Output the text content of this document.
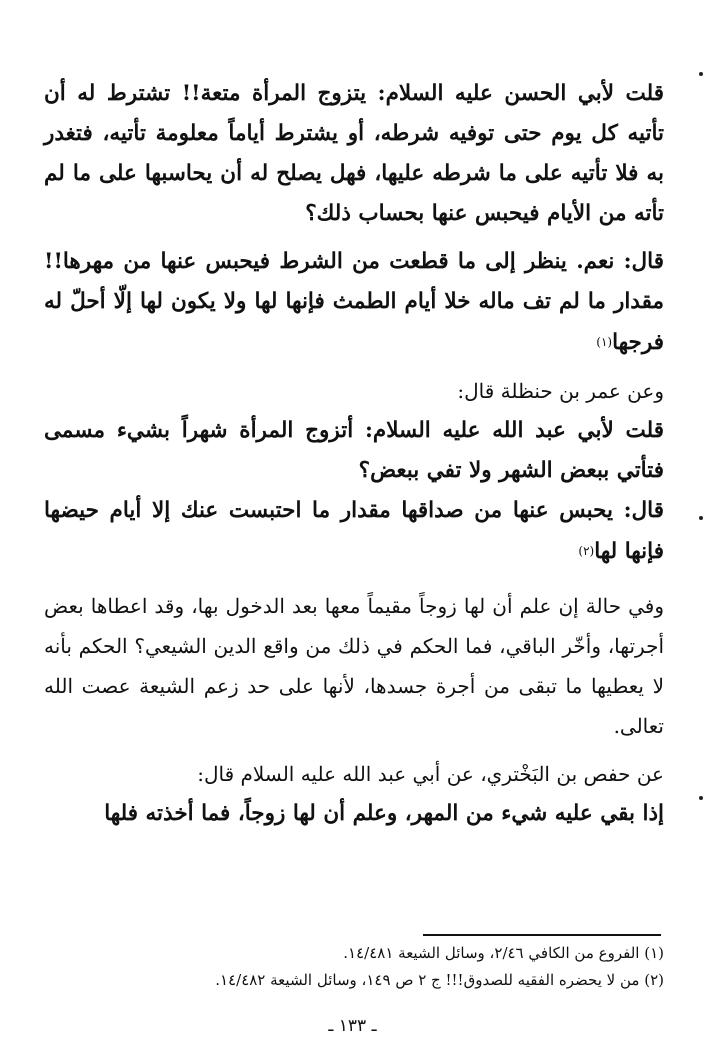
قلت لأبي الحسن عليه السلام: يتزوج المرأة متعة!! تشترط له أن تأتيه كل يوم حتى توفيه شرطه، أو يشترط أياماً معلومة تأتيه، فتغدر به فلا تأتيه على ما شرطه عليها، فهل يصلح له أن يحاسبها على ما لم تأته من الأيام فيحبس عنها بحساب ذلك؟

قال: نعم. ينظر إلى ما قطعت من الشرط فيحبس عنها من مهرها!! مقدار ما لم تف ماله خلا أيام الطمث فإنها لها ولا يكون لها إلّا أحلّ له فرجها(١)

وعن عمر بن حنظلة قال:

قلت لأبي عبد الله عليه السلام: أتزوج المرأة شهراً بشيء مسمى فتأتي ببعض الشهر ولا تفي ببعض؟

قال: يحبس عنها من صداقها مقدار ما احتبست عنك إلا أيام حيضها فإنها لها(٢)

وفي حالة إن علم أن لها زوجاً مقيماً معها بعد الدخول بها، وقد اعطاها بعض أجرتها، وأخّر الباقي، فما الحكم في ذلك من واقع الدين الشيعي؟ الحكم بأنه لا يعطيها ما تبقى من أجرة جسدها، لأنها على حد زعم الشيعة عصت الله تعالى.

عن حفص بن البَخْتري، عن أبي عبد الله عليه السلام قال:

إذا بقي عليه شيء من المهر، وعلم أن لها زوجاً، فما أخذته فلها

(١) الفروع من الكافي ٢/٤٦، وسائل الشيعة ١٤/٤٨١.

(٢) من لا يحضره الفقيه للصدوق!!! ج ٢ ص ١٤٩، وسائل الشيعة ١٤/٤٨٢.

ـ ١٣٣ ـ
